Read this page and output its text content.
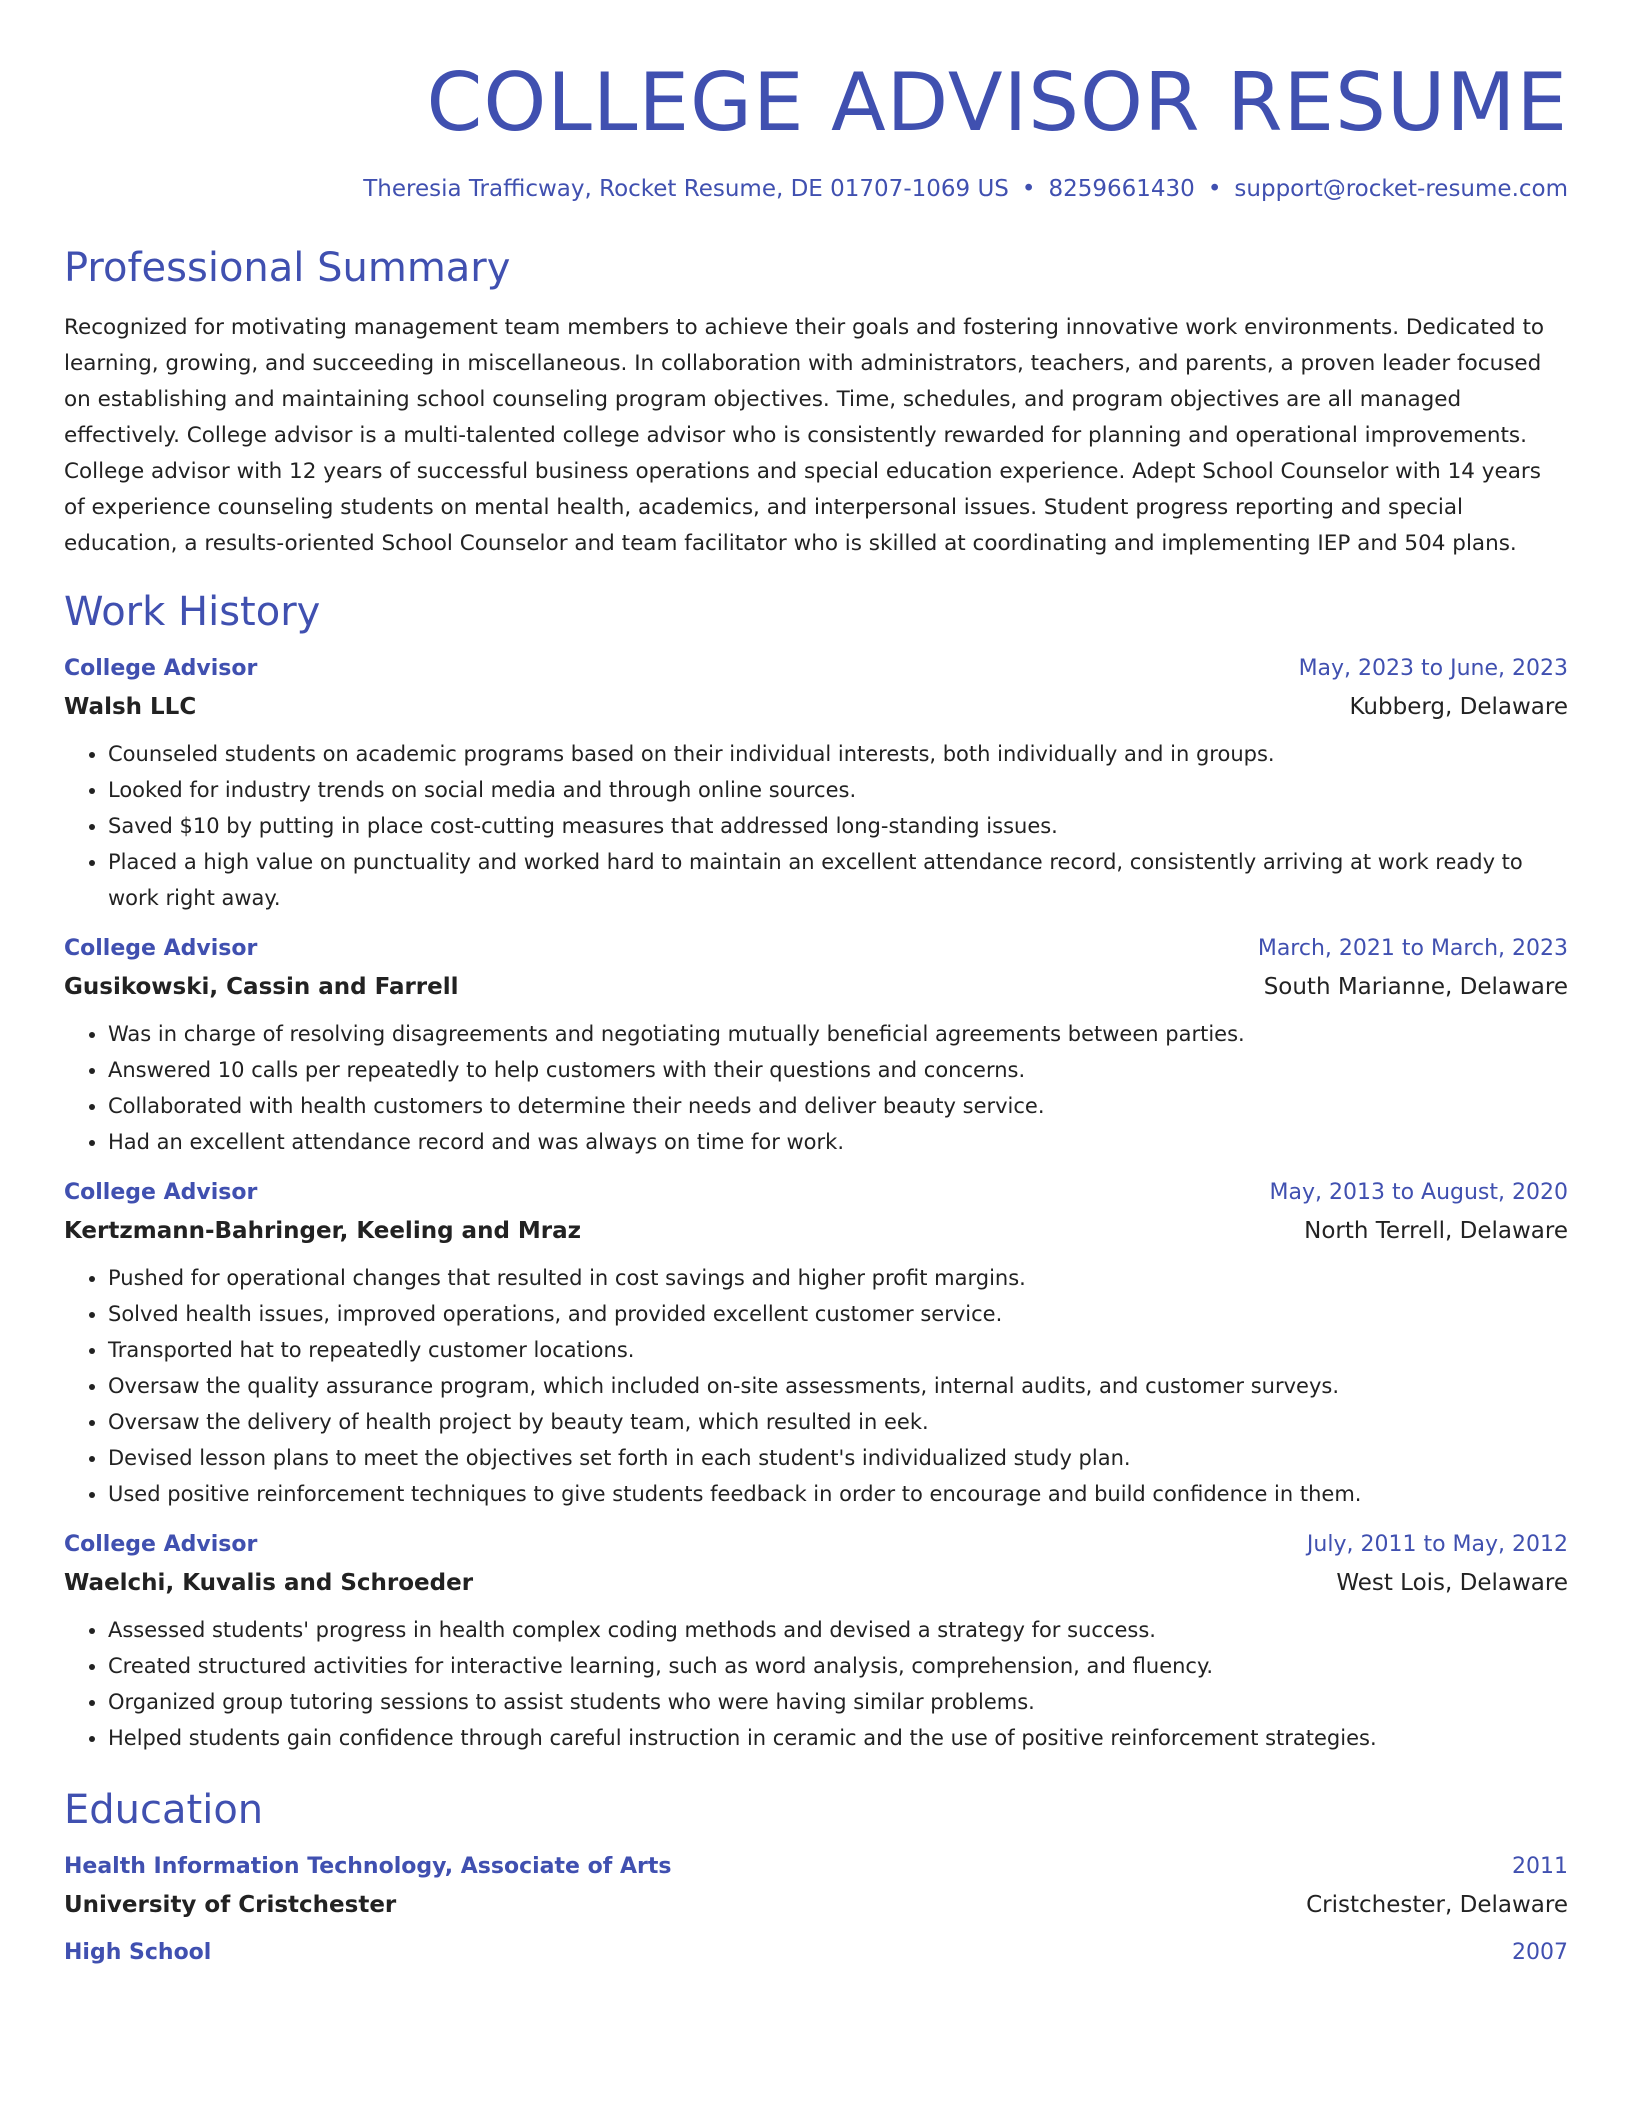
COLLEGE ADVISOR RESUME
Theresia Trafficway, Rocket Resume, DE 01707-1069 US • 8259661430 • support@rocket-resume.com
Professional Summary
Recognized for motivating management team members to achieve their goals and fostering innovative work environments. Dedicated to learning, growing, and succeeding in miscellaneous. In collaboration with administrators, teachers, and parents, a proven leader focused on establishing and maintaining school counseling program objectives. Time, schedules, and program objectives are all managed effectively. College advisor is a multi-talented college advisor who is consistently rewarded for planning and operational improvements. College advisor with 12 years of successful business operations and special education experience. Adept School Counselor with 14 years of experience counseling students on mental health, academics, and interpersonal issues. Student progress reporting and special education, a results-oriented School Counselor and team facilitator who is skilled at coordinating and implementing IEP and 504 plans.
Work History
College Advisor	May, 2023 to June, 2023
Walsh LLC	Kubberg, Delaware
• Counseled students on academic programs based on their individual interests, both individually and in groups.
• Looked for industry trends on social media and through online sources.
• Saved $10 by putting in place cost-cutting measures that addressed long-standing issues.
• Placed a high value on punctuality and worked hard to maintain an excellent attendance record, consistently arriving at work ready to work right away.
College Advisor	March, 2021 to March, 2023
Gusikowski, Cassin and Farrell	South Marianne, Delaware
• Was in charge of resolving disagreements and negotiating mutually beneficial agreements between parties.
• Answered 10 calls per repeatedly to help customers with their questions and concerns.
• Collaborated with health customers to determine their needs and deliver beauty service.
• Had an excellent attendance record and was always on time for work.
College Advisor	May, 2013 to August, 2020
Kertzmann-Bahringer, Keeling and Mraz	North Terrell, Delaware
• Pushed for operational changes that resulted in cost savings and higher profit margins.
• Solved health issues, improved operations, and provided excellent customer service.
• Transported hat to repeatedly customer locations.
• Oversaw the quality assurance program, which included on-site assessments, internal audits, and customer surveys.
• Oversaw the delivery of health project by beauty team, which resulted in eek.
• Devised lesson plans to meet the objectives set forth in each student's individualized study plan.
• Used positive reinforcement techniques to give students feedback in order to encourage and build confidence in them.
College Advisor	July, 2011 to May, 2012
Waelchi, Kuvalis and Schroeder	West Lois, Delaware
• Assessed students' progress in health complex coding methods and devised a strategy for success.
• Created structured activities for interactive learning, such as word analysis, comprehension, and fluency.
• Organized group tutoring sessions to assist students who were having similar problems.
• Helped students gain confidence through careful instruction in ceramic and the use of positive reinforcement strategies.
Education
Health Information Technology, Associate of Arts	2011
University of Cristchester	Cristchester, Delaware
High School	2007
